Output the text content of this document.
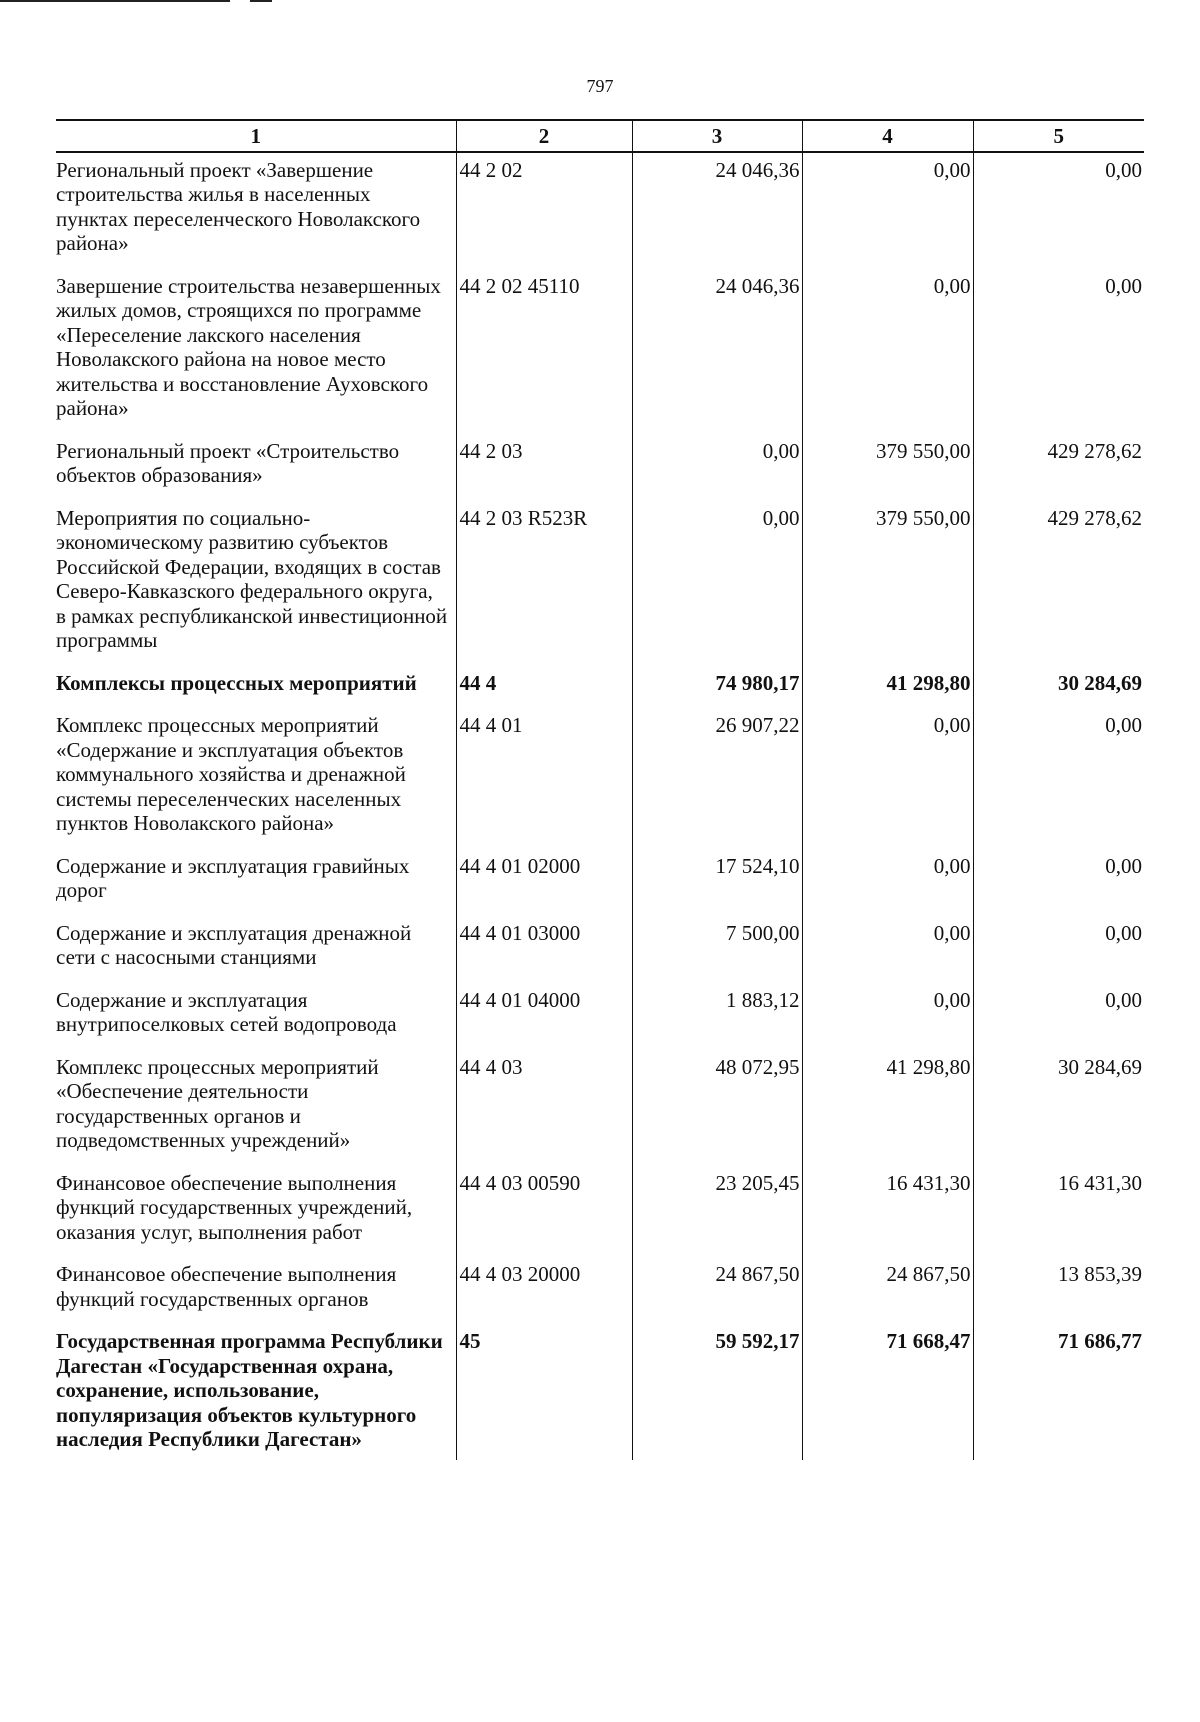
797
1	2	3	4	5
Региональный проект «Завершение строительства жилья в населенных пунктах переселенческого Новолакского района»	44 2 02	24 046,36	0,00	0,00
Завершение строительства незавершенных жилых домов, строящихся по программе «Переселение лакского населения Новолакского района на новое место жительства и восстановление Ауховского района»	44 2 02 45110	24 046,36	0,00	0,00
Региональный проект «Строительство объектов образования»	44 2 03	0,00	379 550,00	429 278,62
Мероприятия по социально-экономическому развитию субъектов Российской Федерации, входящих в состав Северо-Кавказского федерального округа, в рамках республиканской инвестиционной программы	44 2 03 R523R	0,00	379 550,00	429 278,62
Комплексы процессных мероприятий	44 4	74 980,17	41 298,80	30 284,69
Комплекс процессных мероприятий «Содержание и эксплуатация объектов коммунального хозяйства и дренажной системы переселенческих населенных пунктов Новолакского района»	44 4 01	26 907,22	0,00	0,00
Содержание и эксплуатация гравийных дорог	44 4 01 02000	17 524,10	0,00	0,00
Содержание и эксплуатация дренажной сети с насосными станциями	44 4 01 03000	7 500,00	0,00	0,00
Содержание и эксплуатация внутрипоселковых сетей водопровода	44 4 01 04000	1 883,12	0,00	0,00
Комплекс процессных мероприятий «Обеспечение деятельности государственных органов и подведомственных учреждений»	44 4 03	48 072,95	41 298,80	30 284,69
Финансовое обеспечение выполнения функций государственных учреждений, оказания услуг, выполнения работ	44 4 03 00590	23 205,45	16 431,30	16 431,30
Финансовое обеспечение выполнения функций государственных органов	44 4 03 20000	24 867,50	24 867,50	13 853,39
Государственная программа Республики Дагестан «Государственная охрана, сохранение, использование, популяризация объектов культурного наследия Республики Дагестан»	45	59 592,17	71 668,47	71 686,77
